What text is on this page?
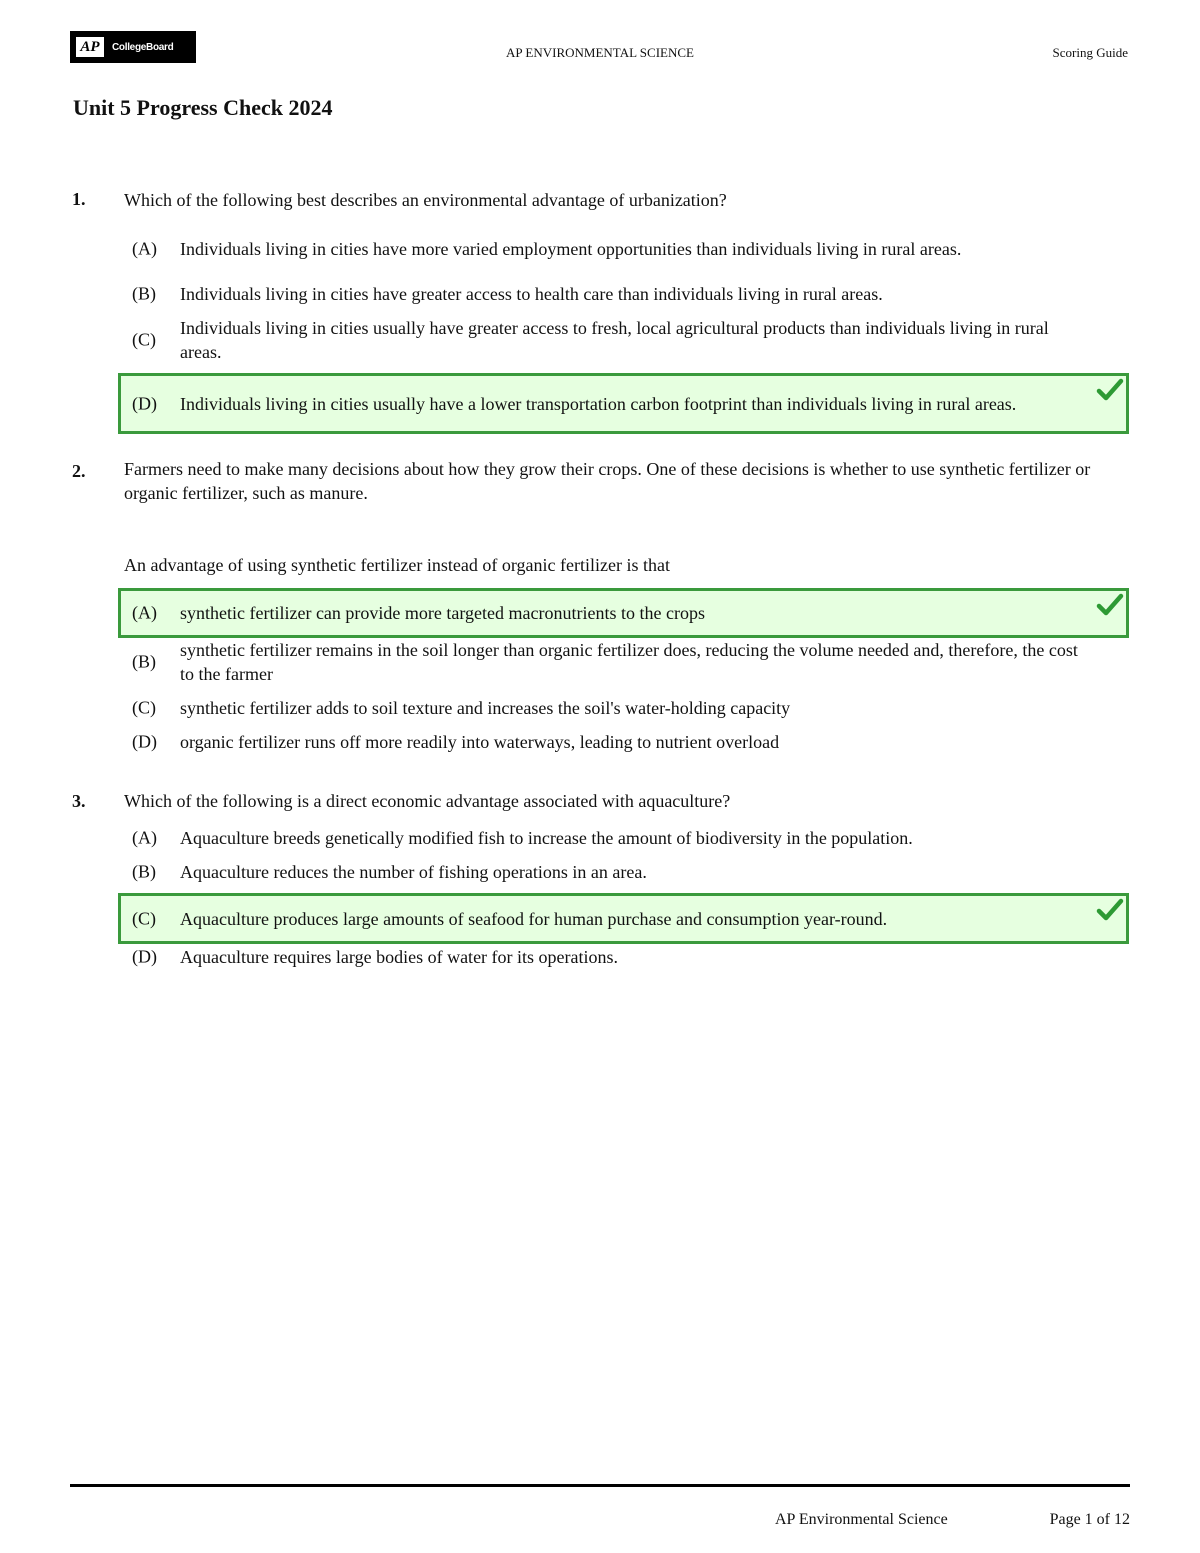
AP	CollegeBoard	AP ENVIRONMENTAL SCIENCE	Scoring Guide
Unit 5 Progress Check 2024
1. Which of the following best describes an environmental advantage of urbanization?
(A) Individuals living in cities have more varied employment opportunities than individuals living in rural areas.
(B) Individuals living in cities have greater access to health care than individuals living in rural areas.
(C)
Individuals living in cities usually have greater access to fresh, local agricultural products than individuals living in rural areas.
(D) Individuals living in cities usually have a lower transportation carbon footprint than individuals living in rural areas.
2. Farmers need to make many decisions about how they grow their crops. One of these decisions is whether to use synthetic fertilizer or organic fertilizer, such as manure.
An advantage of using synthetic fertilizer instead of organic fertilizer is that
(A) synthetic fertilizer can provide more targeted macronutrients to the crops
(B)
synthetic fertilizer remains in the soil longer than organic fertilizer does, reducing the volume needed and, therefore, the cost to the farmer
(C) synthetic fertilizer adds to soil texture and increases the soil's water-holding capacity
(D) organic fertilizer runs off more readily into waterways, leading to nutrient overload
3. Which of the following is a direct economic advantage associated with aquaculture?
(A) Aquaculture breeds genetically modified fish to increase the amount of biodiversity in the population.
(B) Aquaculture reduces the number of fishing operations in an area.
(C) Aquaculture produces large amounts of seafood for human purchase and consumption year-round.
(D) Aquaculture requires large bodies of water for its operations.
AP Environmental Science	Page 1 of 12
